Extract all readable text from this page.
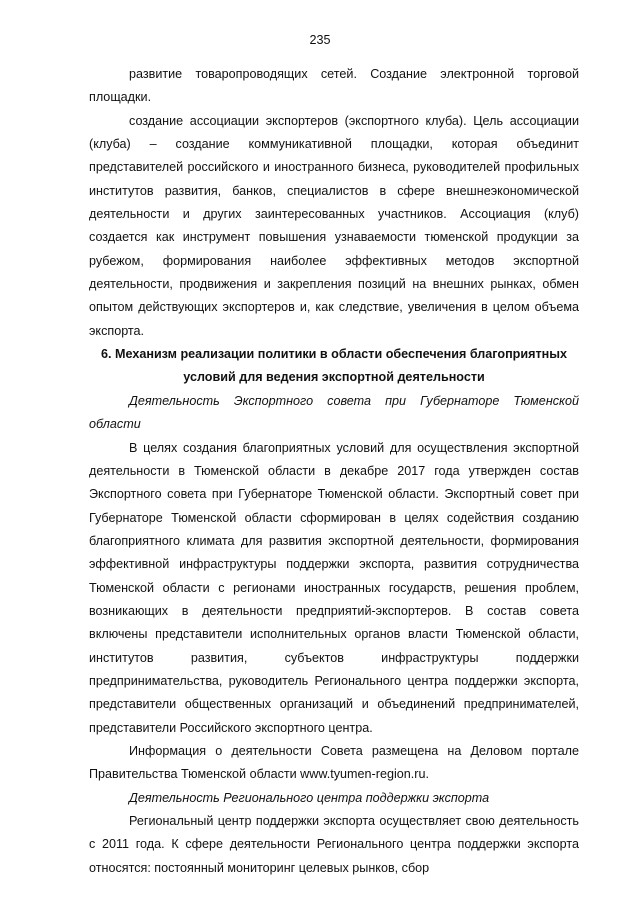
235

развитие товаропроводящих сетей. Создание электронной торговой площадки.

создание ассоциации экспортеров (экспортного клуба). Цель ассоциации (клуба) – создание коммуникативной площадки, которая объединит представителей российского и иностранного бизнеса, руководителей профильных институтов развития, банков, специалистов в сфере внешнеэкономической деятельности и других заинтересованных участников. Ассоциация (клуб) создается как инструмент повышения узнаваемости тюменской продукции за рубежом, формирования наиболее эффективных методов экспортной деятельности, продвижения и закрепления позиций на внешних рынках, обмен опытом действующих экспортеров и, как следствие, увеличения в целом объема экспорта.

6. Механизм реализации политики в области обеспечения благоприятных условий для ведения экспортной деятельности

Деятельность Экспортного совета при Губернаторе Тюменской области

В целях создания благоприятных условий для осуществления экспортной деятельности в Тюменской области в декабре 2017 года утвержден состав Экспортного совета при Губернаторе Тюменской области. Экспортный совет при Губернаторе Тюменской области сформирован в целях содействия созданию благоприятного климата для развития экспортной деятельности, формирования эффективной инфраструктуры поддержки экспорта, развития сотрудничества Тюменской области с регионами иностранных государств, решения проблем, возникающих в деятельности предприятий-экспортеров. В состав совета включены представители исполнительных органов власти Тюменской области, институтов развития, субъектов инфраструктуры поддержки предпринимательства, руководитель Регионального центра поддержки экспорта, представители общественных организаций и объединений предпринимателей, представители Российского экспортного центра.

Информация о деятельности Совета размещена на Деловом портале Правительства Тюменской области www.tyumen-region.ru.

Деятельность Регионального центра поддержки экспорта

Региональный центр поддержки экспорта осуществляет свою деятельность с 2011 года. К сфере деятельности Регионального центра поддержки экспорта относятся: постоянный мониторинг целевых рынков, сбор
